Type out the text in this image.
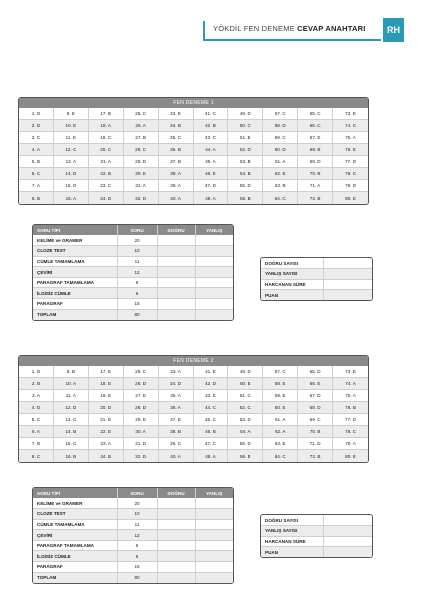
YÖKDİL FEN DENEME CEVAP ANAHTARI	RH
FEN DENEME 1
1. D	9. E	17. B	25. C	33. E	41. C	49. D	57. C	65. C	73. E
2. D	10. E	18. A	26. A	34. B	42. B	50. C	58. D	66. C	74. C
3. C	11. E	19. C	27. B	35. C	43. C	51. E	59. C	67. E	75. A
4. A	12. C	20. C	28. C	36. B	44. A	52. D	60. D	68. B	76. E
5. B	13. A	21. A	29. D	37. B	45. A	53. B	61. A	69. D	77. D
6. C	14. D	22. B	30. E	38. A	46. E	54. B	62. E	70. B	78. C
7. A	15. D	23. C	31. A	39. A	47. D	55. D	63. B	71. A	79. D
8. B	16. A	24. D	32. D	40. A	48. A	56. B	64. C	72. B	80. E
SORU TİPİ	SORU	DOĞRU	YANLIŞ
KELİME ve GRAMER	20		
CLOZE TEST	10		
CÜMLE TAMAMLAMA	11		
ÇEVİRİ	12		
PARAGRAF TAMAMLAMA	6		
İLGİSİZ CÜMLE	6		
PARAGRAF	15		
TOPLAM	80		
DOĞRU SAYISI	
YANLIŞ SAYISI	
HARCANAN SÜRE	
PUAN	
FEN DENEME 2
1. D	9. B	17. E	25. C	33. A	41. E	49. D	57. C	65. D	73. E
2. B	10. A	18. E	26. D	34. D	42. D	50. E	58. E	66. E	74. A
3. A	11. A	19. E	27. E	35. A	43. E	51. C	59. E	67. D	75. A
4. D	12. D	20. D	28. D	36. A	44. C	52. C	60. E	68. D	76. B
5. C	13. C	21. D	29. E	37. E	45. C	53. D	61. A	69. C	77. D
6. A	14. B	22. E	30. A	38. B	46. B	54. A	62. A	70. B	78. C
7. B	15. C	23. A	31. D	39. C	47. C	55. D	63. E	71. D	79. A
8. C	16. B	24. B	32. D	40. A	48. A	56. E	64. C	72. B	80. E
SORU TİPİ	SORU	DOĞRU	YANLIŞ
KELİME ve GRAMER	20		
CLOZE TEST	10		
CÜMLE TAMAMLAMA	11		
ÇEVİRİ	12		
PARAGRAF TAMAMLAMA	6		
İLGİSİZ CÜMLE	6		
PARAGRAF	15		
TOPLAM	80		
DOĞRU SAYISI	
YANLIŞ SAYISI	
HARCANAN SÜRE	
PUAN	
